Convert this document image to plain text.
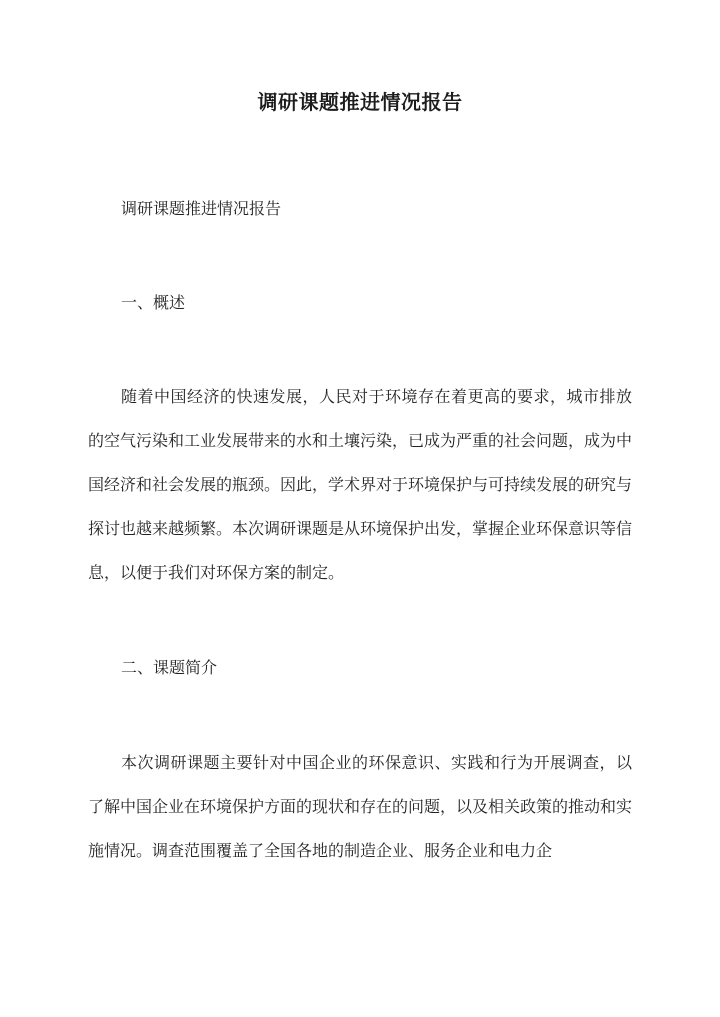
调研课题推进情况报告
调研课题推进情况报告
一、概述
随着中国经济的快速发展，人民对于环境存在着更高的要求，城市排放的空气污染和工业发展带来的水和土壤污染，已成为严重的社会问题，成为中国经济和社会发展的瓶颈。因此，学术界对于环境保护与可持续发展的研究与探讨也越来越频繁。本次调研课题是从环境保护出发，掌握企业环保意识等信息，以便于我们对环保方案的制定。
二、课题简介
本次调研课题主要针对中国企业的环保意识、实践和行为开展调查，以了解中国企业在环境保护方面的现状和存在的问题，以及相关政策的推动和实施情况。调查范围覆盖了全国各地的制造企业、服务企业和电力企
